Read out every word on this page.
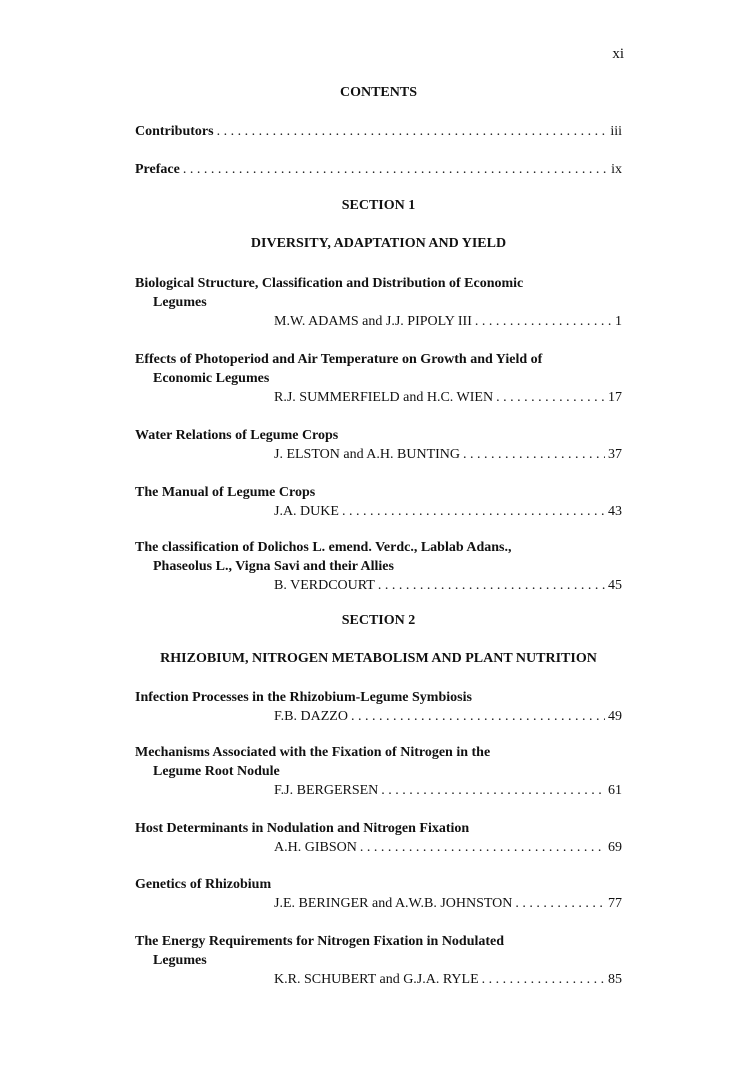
xi
CONTENTS
Contributors . . .	iii
Preface . . .	ix
SECTION 1
DIVERSITY, ADAPTATION AND YIELD
Biological Structure, Classification and Distribution of Economic
Legumes
M.W. ADAMS and J.J. PIPOLY III . . .	1
Effects of Photoperiod and Air Temperature on Growth and Yield of
Economic Legumes
R.J. SUMMERFIELD and H.C. WIEN . . .	17
Water Relations of Legume Crops
J. ELSTON and A.H. BUNTING . . .	37
The Manual of Legume Crops
J.A. DUKE . . .	43
The classification of Dolichos L. emend. Verdc., Lablab Adans.,
Phaseolus L., Vigna Savi and their Allies
B. VERDCOURT . . .	45
SECTION 2
RHIZOBIUM, NITROGEN METABOLISM AND PLANT NUTRITION
Infection Processes in the Rhizobium-Legume Symbiosis
F.B. DAZZO . . .	49
Mechanisms Associated with the Fixation of Nitrogen in the
Legume Root Nodule
F.J. BERGERSEN . . .	61
Host Determinants in Nodulation and Nitrogen Fixation
A.H. GIBSON . . .	69
Genetics of Rhizobium
J.E. BERINGER and A.W.B. JOHNSTON . . .	77
The Energy Requirements for Nitrogen Fixation in Nodulated
Legumes
K.R. SCHUBERT and G.J.A. RYLE . . .	85
